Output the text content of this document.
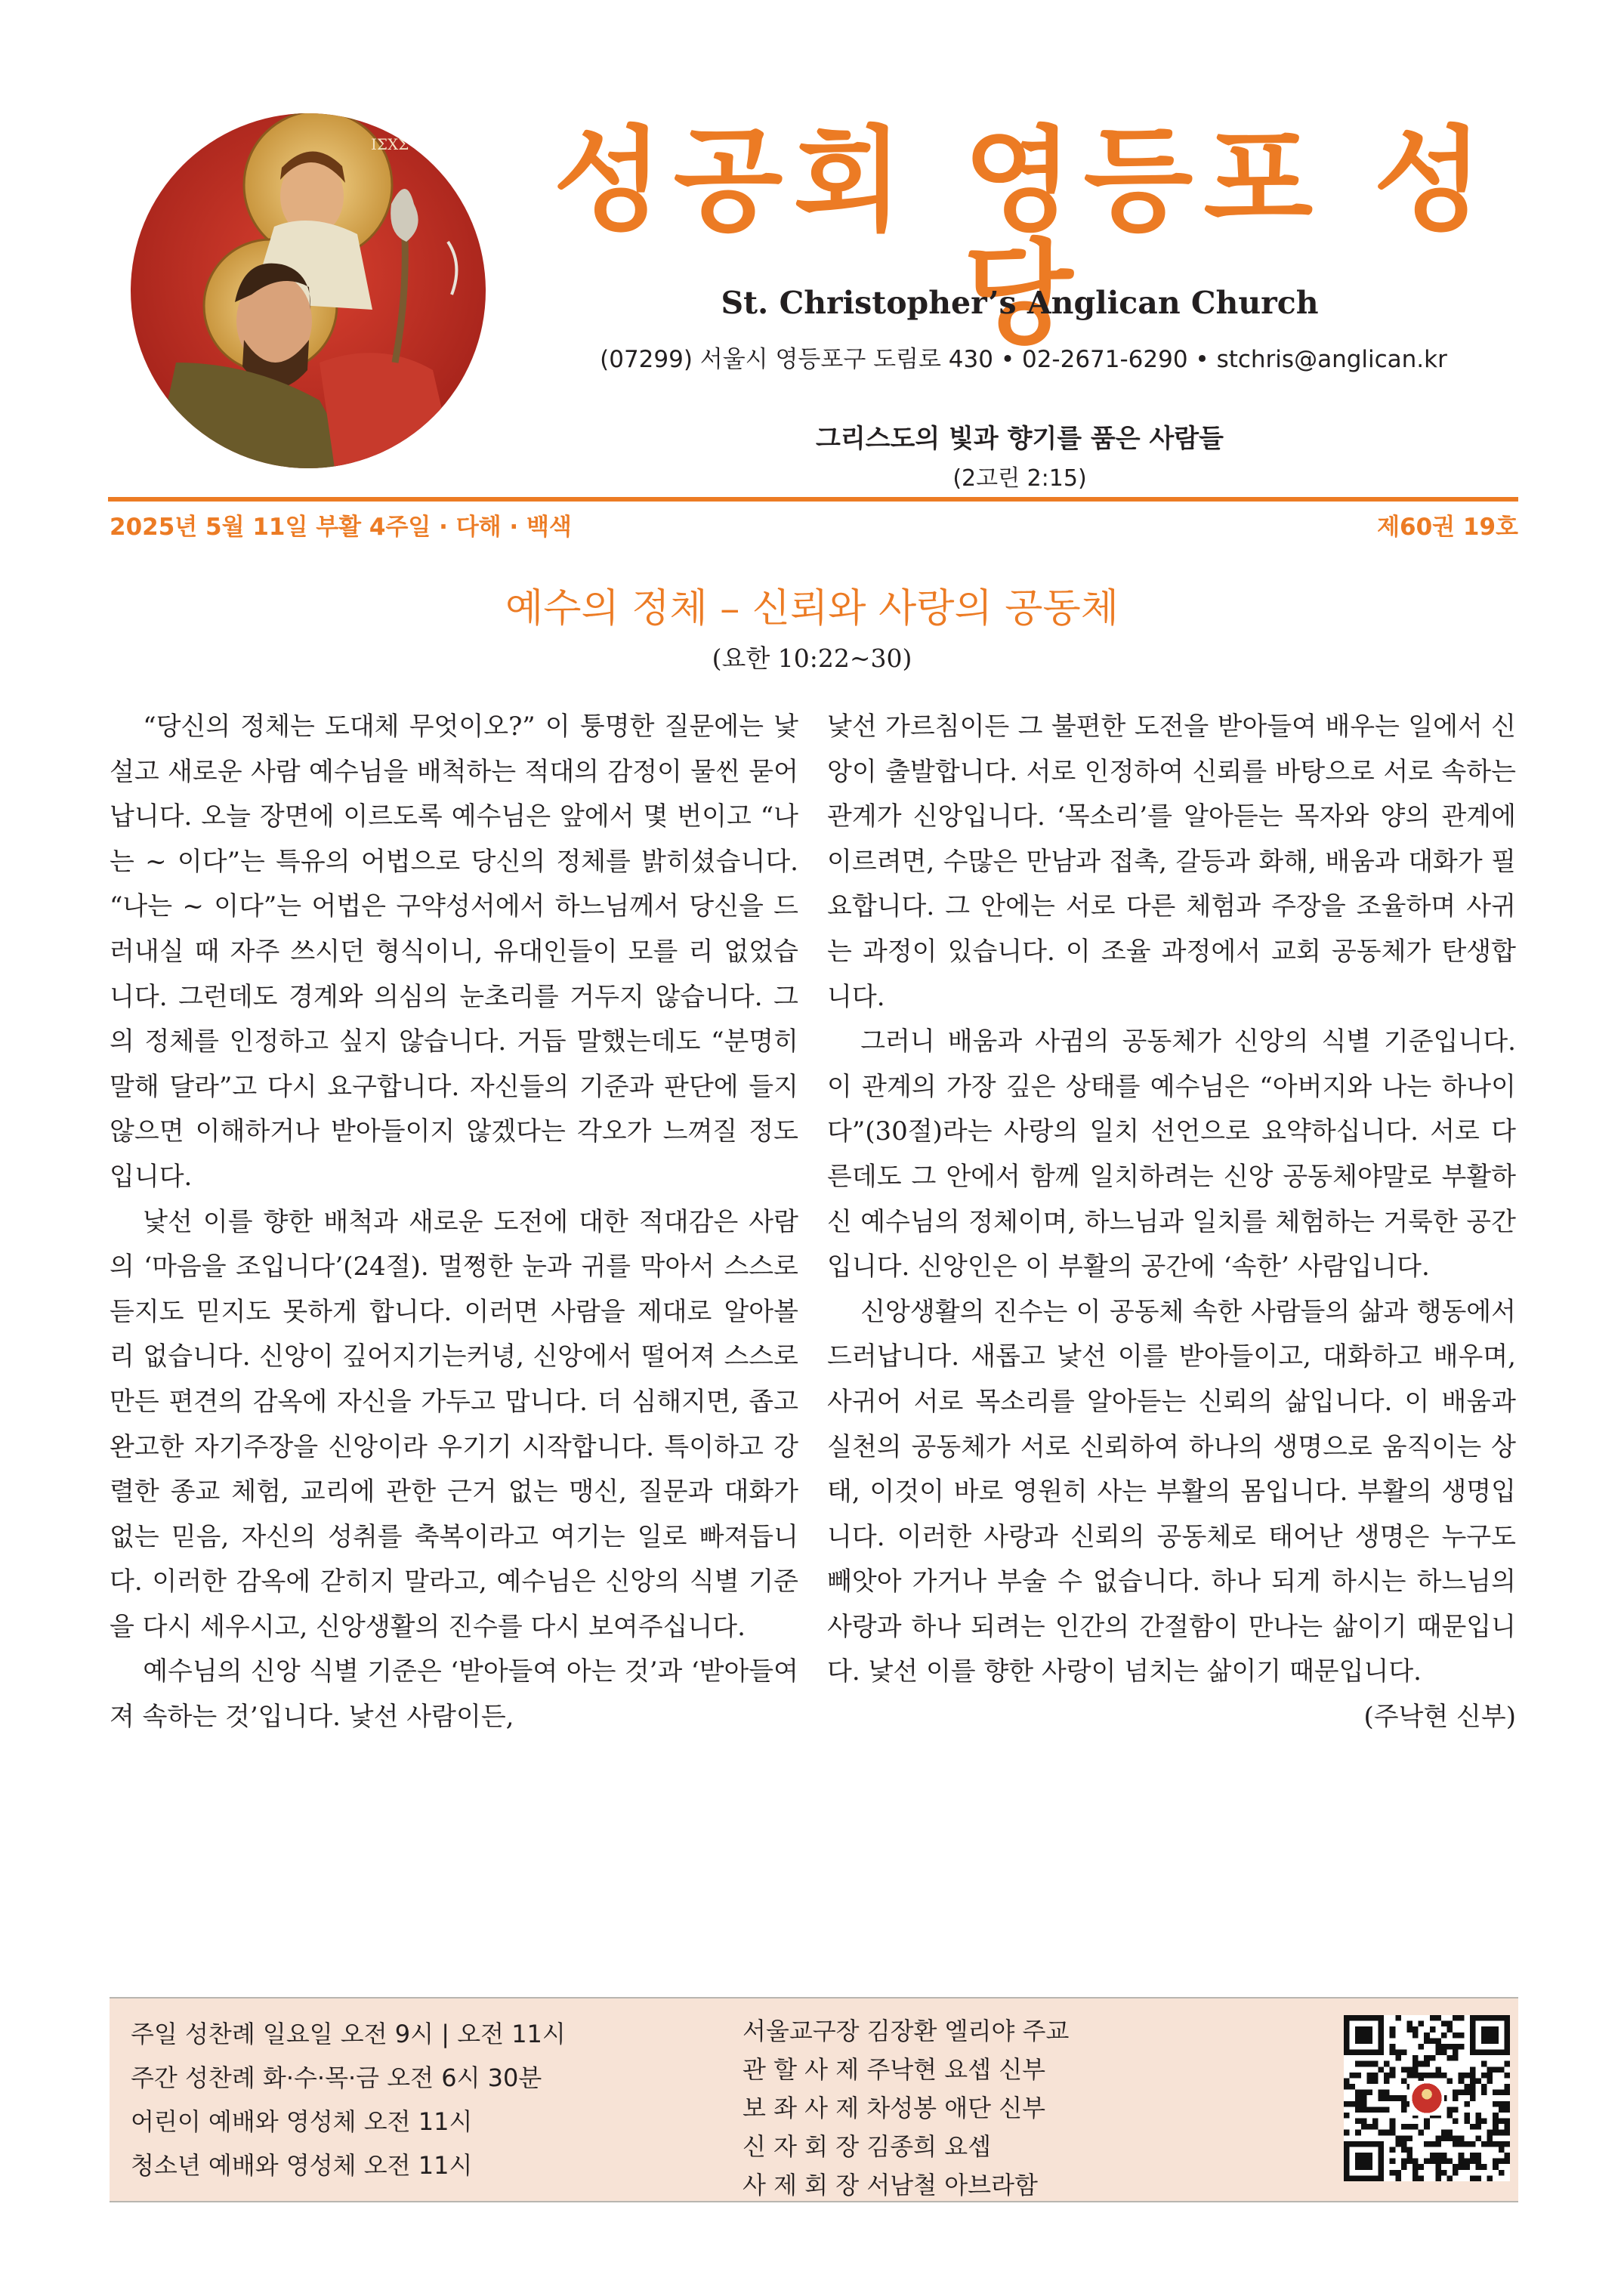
ΙΣΧΣ 성공회 영등포 성당
St. Christopher’s Anglican Church
(07299) 서울시 영등포구 도림로 430 • 02-2671-6290 • stchris@anglican.kr
그리스도의 빛과 향기를 품은 사람들
(2고린 2:15)
2025년 5월 11일 부활 4주일 · 다해 · 백색	제60권 19호
예수의 정체 – 신뢰와 사랑의 공동체
(요한 10:22~30)

“당신의 정체는 도대체 무엇이오?” 이 퉁명한 질문에는 낯설고 새로운 사람 예수님을 배척하는 적대의 감정이 물씬 묻어납니다. 오늘 장면에 이르도록 예수님은 앞에서 몇 번이고 “나는 ~ 이다”는 특유의 어법으로 당신의 정체를 밝히셨습니다. “나는 ~ 이다”는 어법은 구약성서에서 하느님께서 당신을 드러내실 때 자주 쓰시던 형식이니, 유대인들이 모를 리 없었습니다. 그런데도 경계와 의심의 눈초리를 거두지 않습니다. 그의 정체를 인정하고 싶지 않습니다. 거듭 말했는데도 “분명히 말해 달라”고 다시 요구합니다. 자신들의 기준과 판단에 들지 않으면 이해하거나 받아들이지 않겠다는 각오가 느껴질 정도입니다.

낯선 이를 향한 배척과 새로운 도전에 대한 적대감은 사람의 ‘마음을 조입니다’(24절). 멀쩡한 눈과 귀를 막아서 스스로 듣지도 믿지도 못하게 합니다. 이러면 사람을 제대로 알아볼 리 없습니다. 신앙이 깊어지기는커녕, 신앙에서 떨어져 스스로 만든 편견의 감옥에 자신을 가두고 맙니다. 더 심해지면, 좁고 완고한 자기주장을 신앙이라 우기기 시작합니다. 특이하고 강렬한 종교 체험, 교리에 관한 근거 없는 맹신, 질문과 대화가 없는 믿음, 자신의 성취를 축복이라고 여기는 일로 빠져듭니다. 이러한 감옥에 갇히지 말라고, 예수님은 신앙의 식별 기준을 다시 세우시고, 신앙생활의 진수를 다시 보여주십니다.

예수님의 신앙 식별 기준은 ‘받아들여 아는 것’과 ‘받아들여져 속하는 것’입니다. 낯선 사람이든,

낯선 가르침이든 그 불편한 도전을 받아들여 배우는 일에서 신앙이 출발합니다. 서로 인정하여 신뢰를 바탕으로 서로 속하는 관계가 신앙입니다. ‘목소리’를 알아듣는 목자와 양의 관계에 이르려면, 수많은 만남과 접촉, 갈등과 화해, 배움과 대화가 필요합니다. 그 안에는 서로 다른 체험과 주장을 조율하며 사귀는 과정이 있습니다. 이 조율 과정에서 교회 공동체가 탄생합니다.

그러니 배움과 사귐의 공동체가 신앙의 식별 기준입니다. 이 관계의 가장 깊은 상태를 예수님은 “아버지와 나는 하나이다”(30절)라는 사랑의 일치 선언으로 요약하십니다. 서로 다른데도 그 안에서 함께 일치하려는 신앙 공동체야말로 부활하신 예수님의 정체이며, 하느님과 일치를 체험하는 거룩한 공간입니다. 신앙인은 이 부활의 공간에 ‘속한’ 사람입니다.

신앙생활의 진수는 이 공동체 속한 사람들의 삶과 행동에서 드러납니다. 새롭고 낯선 이를 받아들이고, 대화하고 배우며, 사귀어 서로 목소리를 알아듣는 신뢰의 삶입니다. 이 배움과 실천의 공동체가 서로 신뢰하여 하나의 생명으로 움직이는 상태, 이것이 바로 영원히 사는 부활의 몸입니다. 부활의 생명입니다. 이러한 사랑과 신뢰의 공동체로 태어난 생명은 누구도 빼앗아 가거나 부술 수 없습니다. 하나 되게 하시는 하느님의 사랑과 하나 되려는 인간의 간절함이 만나는 삶이기 때문입니다. 낯선 이를 향한 사랑이 넘치는 삶이기 때문입니다.

(주낙현 신부)

주일 성찬례 일요일 오전 9시 | 오전 11시
주간 성찬례 화·수·목·금 오전 6시 30분
어린이 예배와 영성체 오전 11시
청소년 예배와 영성체 오전 11시
서울교구장 김장환 엘리야 주교
관 할 사 제 주낙현 요셉 신부
보 좌 사 제 차성봉 애단 신부
신 자 회 장 김종희 요셉
사 제 회 장 서남철 아브라함
